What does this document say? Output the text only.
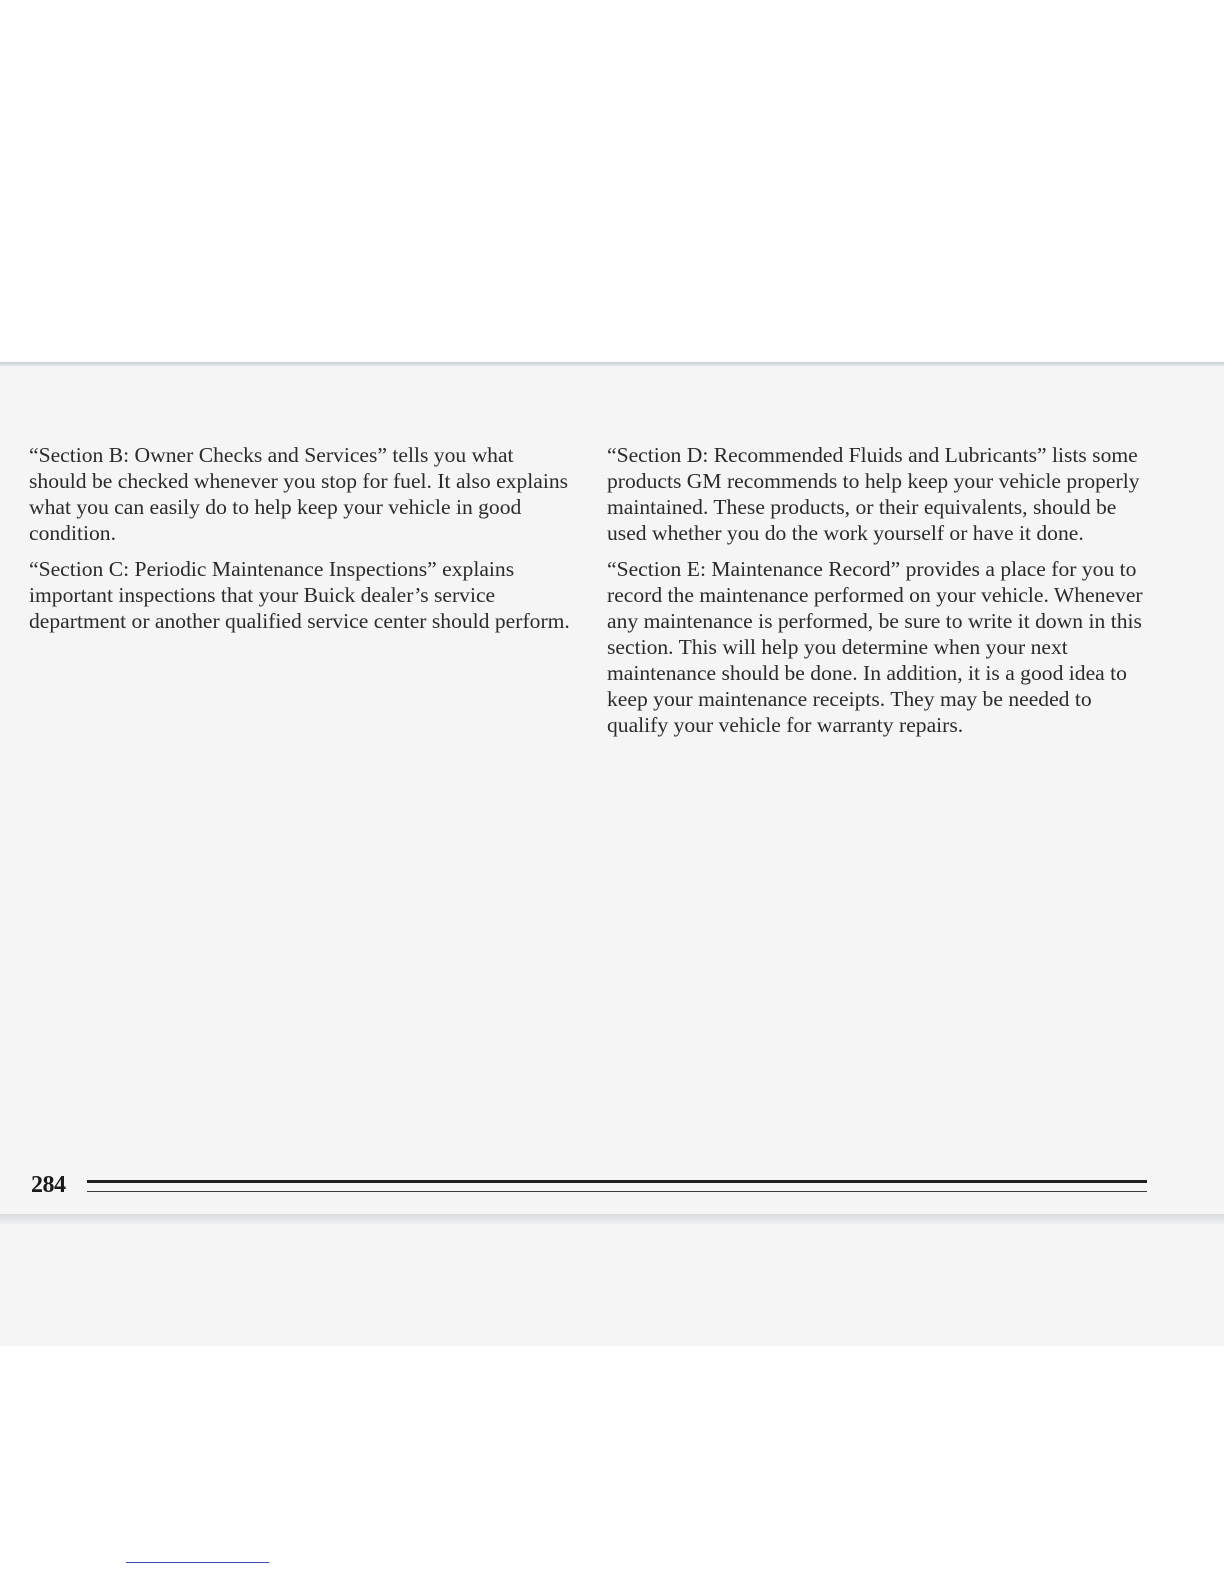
“Section B: Owner Checks and Services” tells you what should be checked whenever you stop for fuel. It also explains what you can easily do to help keep your vehicle in good condition.

“Section C: Periodic Maintenance Inspections” explains important inspections that your Buick dealer’s service department or another qualified service center should perform.

“Section D: Recommended Fluids and Lubricants” lists some products GM recommends to help keep your vehicle properly maintained. These products, or their equivalents, should be used whether you do the work yourself or have it done.

“Section E: Maintenance Record” provides a place for you to record the maintenance performed on your vehicle. Whenever any maintenance is performed, be sure to write it down in this section. This will help you determine when your next maintenance should be done. In addition, it is a good idea to keep your maintenance receipts. They may be needed to qualify your vehicle for warranty repairs.

284
